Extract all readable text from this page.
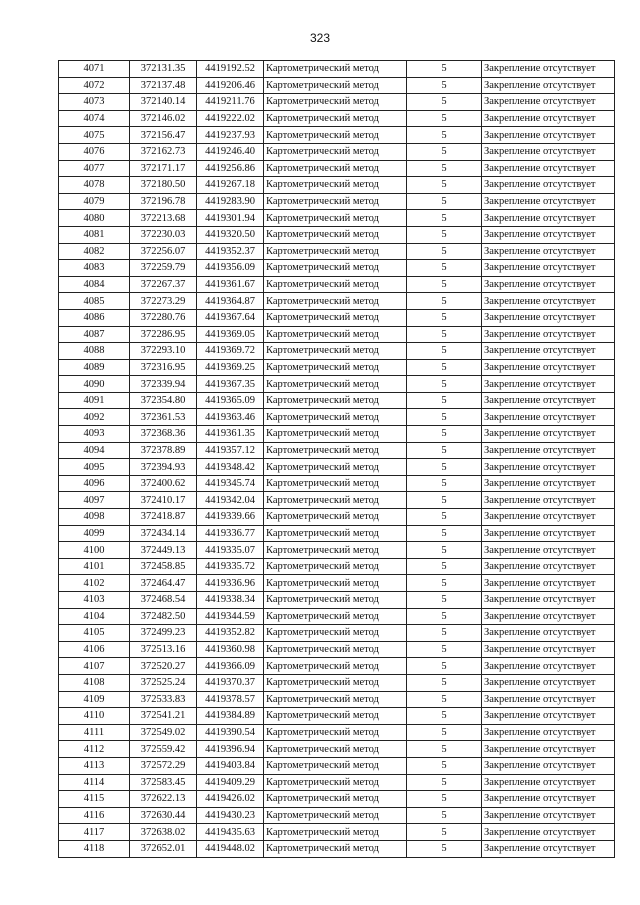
323
4071	372131.35	4419192.52	Картометрический метод	5	Закрепление отсутствует
4072	372137.48	4419206.46	Картометрический метод	5	Закрепление отсутствует
4073	372140.14	4419211.76	Картометрический метод	5	Закрепление отсутствует
4074	372146.02	4419222.02	Картометрический метод	5	Закрепление отсутствует
4075	372156.47	4419237.93	Картометрический метод	5	Закрепление отсутствует
4076	372162.73	4419246.40	Картометрический метод	5	Закрепление отсутствует
4077	372171.17	4419256.86	Картометрический метод	5	Закрепление отсутствует
4078	372180.50	4419267.18	Картометрический метод	5	Закрепление отсутствует
4079	372196.78	4419283.90	Картометрический метод	5	Закрепление отсутствует
4080	372213.68	4419301.94	Картометрический метод	5	Закрепление отсутствует
4081	372230.03	4419320.50	Картометрический метод	5	Закрепление отсутствует
4082	372256.07	4419352.37	Картометрический метод	5	Закрепление отсутствует
4083	372259.79	4419356.09	Картометрический метод	5	Закрепление отсутствует
4084	372267.37	4419361.67	Картометрический метод	5	Закрепление отсутствует
4085	372273.29	4419364.87	Картометрический метод	5	Закрепление отсутствует
4086	372280.76	4419367.64	Картометрический метод	5	Закрепление отсутствует
4087	372286.95	4419369.05	Картометрический метод	5	Закрепление отсутствует
4088	372293.10	4419369.72	Картометрический метод	5	Закрепление отсутствует
4089	372316.95	4419369.25	Картометрический метод	5	Закрепление отсутствует
4090	372339.94	4419367.35	Картометрический метод	5	Закрепление отсутствует
4091	372354.80	4419365.09	Картометрический метод	5	Закрепление отсутствует
4092	372361.53	4419363.46	Картометрический метод	5	Закрепление отсутствует
4093	372368.36	4419361.35	Картометрический метод	5	Закрепление отсутствует
4094	372378.89	4419357.12	Картометрический метод	5	Закрепление отсутствует
4095	372394.93	4419348.42	Картометрический метод	5	Закрепление отсутствует
4096	372400.62	4419345.74	Картометрический метод	5	Закрепление отсутствует
4097	372410.17	4419342.04	Картометрический метод	5	Закрепление отсутствует
4098	372418.87	4419339.66	Картометрический метод	5	Закрепление отсутствует
4099	372434.14	4419336.77	Картометрический метод	5	Закрепление отсутствует
4100	372449.13	4419335.07	Картометрический метод	5	Закрепление отсутствует
4101	372458.85	4419335.72	Картометрический метод	5	Закрепление отсутствует
4102	372464.47	4419336.96	Картометрический метод	5	Закрепление отсутствует
4103	372468.54	4419338.34	Картометрический метод	5	Закрепление отсутствует
4104	372482.50	4419344.59	Картометрический метод	5	Закрепление отсутствует
4105	372499.23	4419352.82	Картометрический метод	5	Закрепление отсутствует
4106	372513.16	4419360.98	Картометрический метод	5	Закрепление отсутствует
4107	372520.27	4419366.09	Картометрический метод	5	Закрепление отсутствует
4108	372525.24	4419370.37	Картометрический метод	5	Закрепление отсутствует
4109	372533.83	4419378.57	Картометрический метод	5	Закрепление отсутствует
4110	372541.21	4419384.89	Картометрический метод	5	Закрепление отсутствует
4111	372549.02	4419390.54	Картометрический метод	5	Закрепление отсутствует
4112	372559.42	4419396.94	Картометрический метод	5	Закрепление отсутствует
4113	372572.29	4419403.84	Картометрический метод	5	Закрепление отсутствует
4114	372583.45	4419409.29	Картометрический метод	5	Закрепление отсутствует
4115	372622.13	4419426.02	Картометрический метод	5	Закрепление отсутствует
4116	372630.44	4419430.23	Картометрический метод	5	Закрепление отсутствует
4117	372638.02	4419435.63	Картометрический метод	5	Закрепление отсутствует
4118	372652.01	4419448.02	Картометрический метод	5	Закрепление отсутствует
